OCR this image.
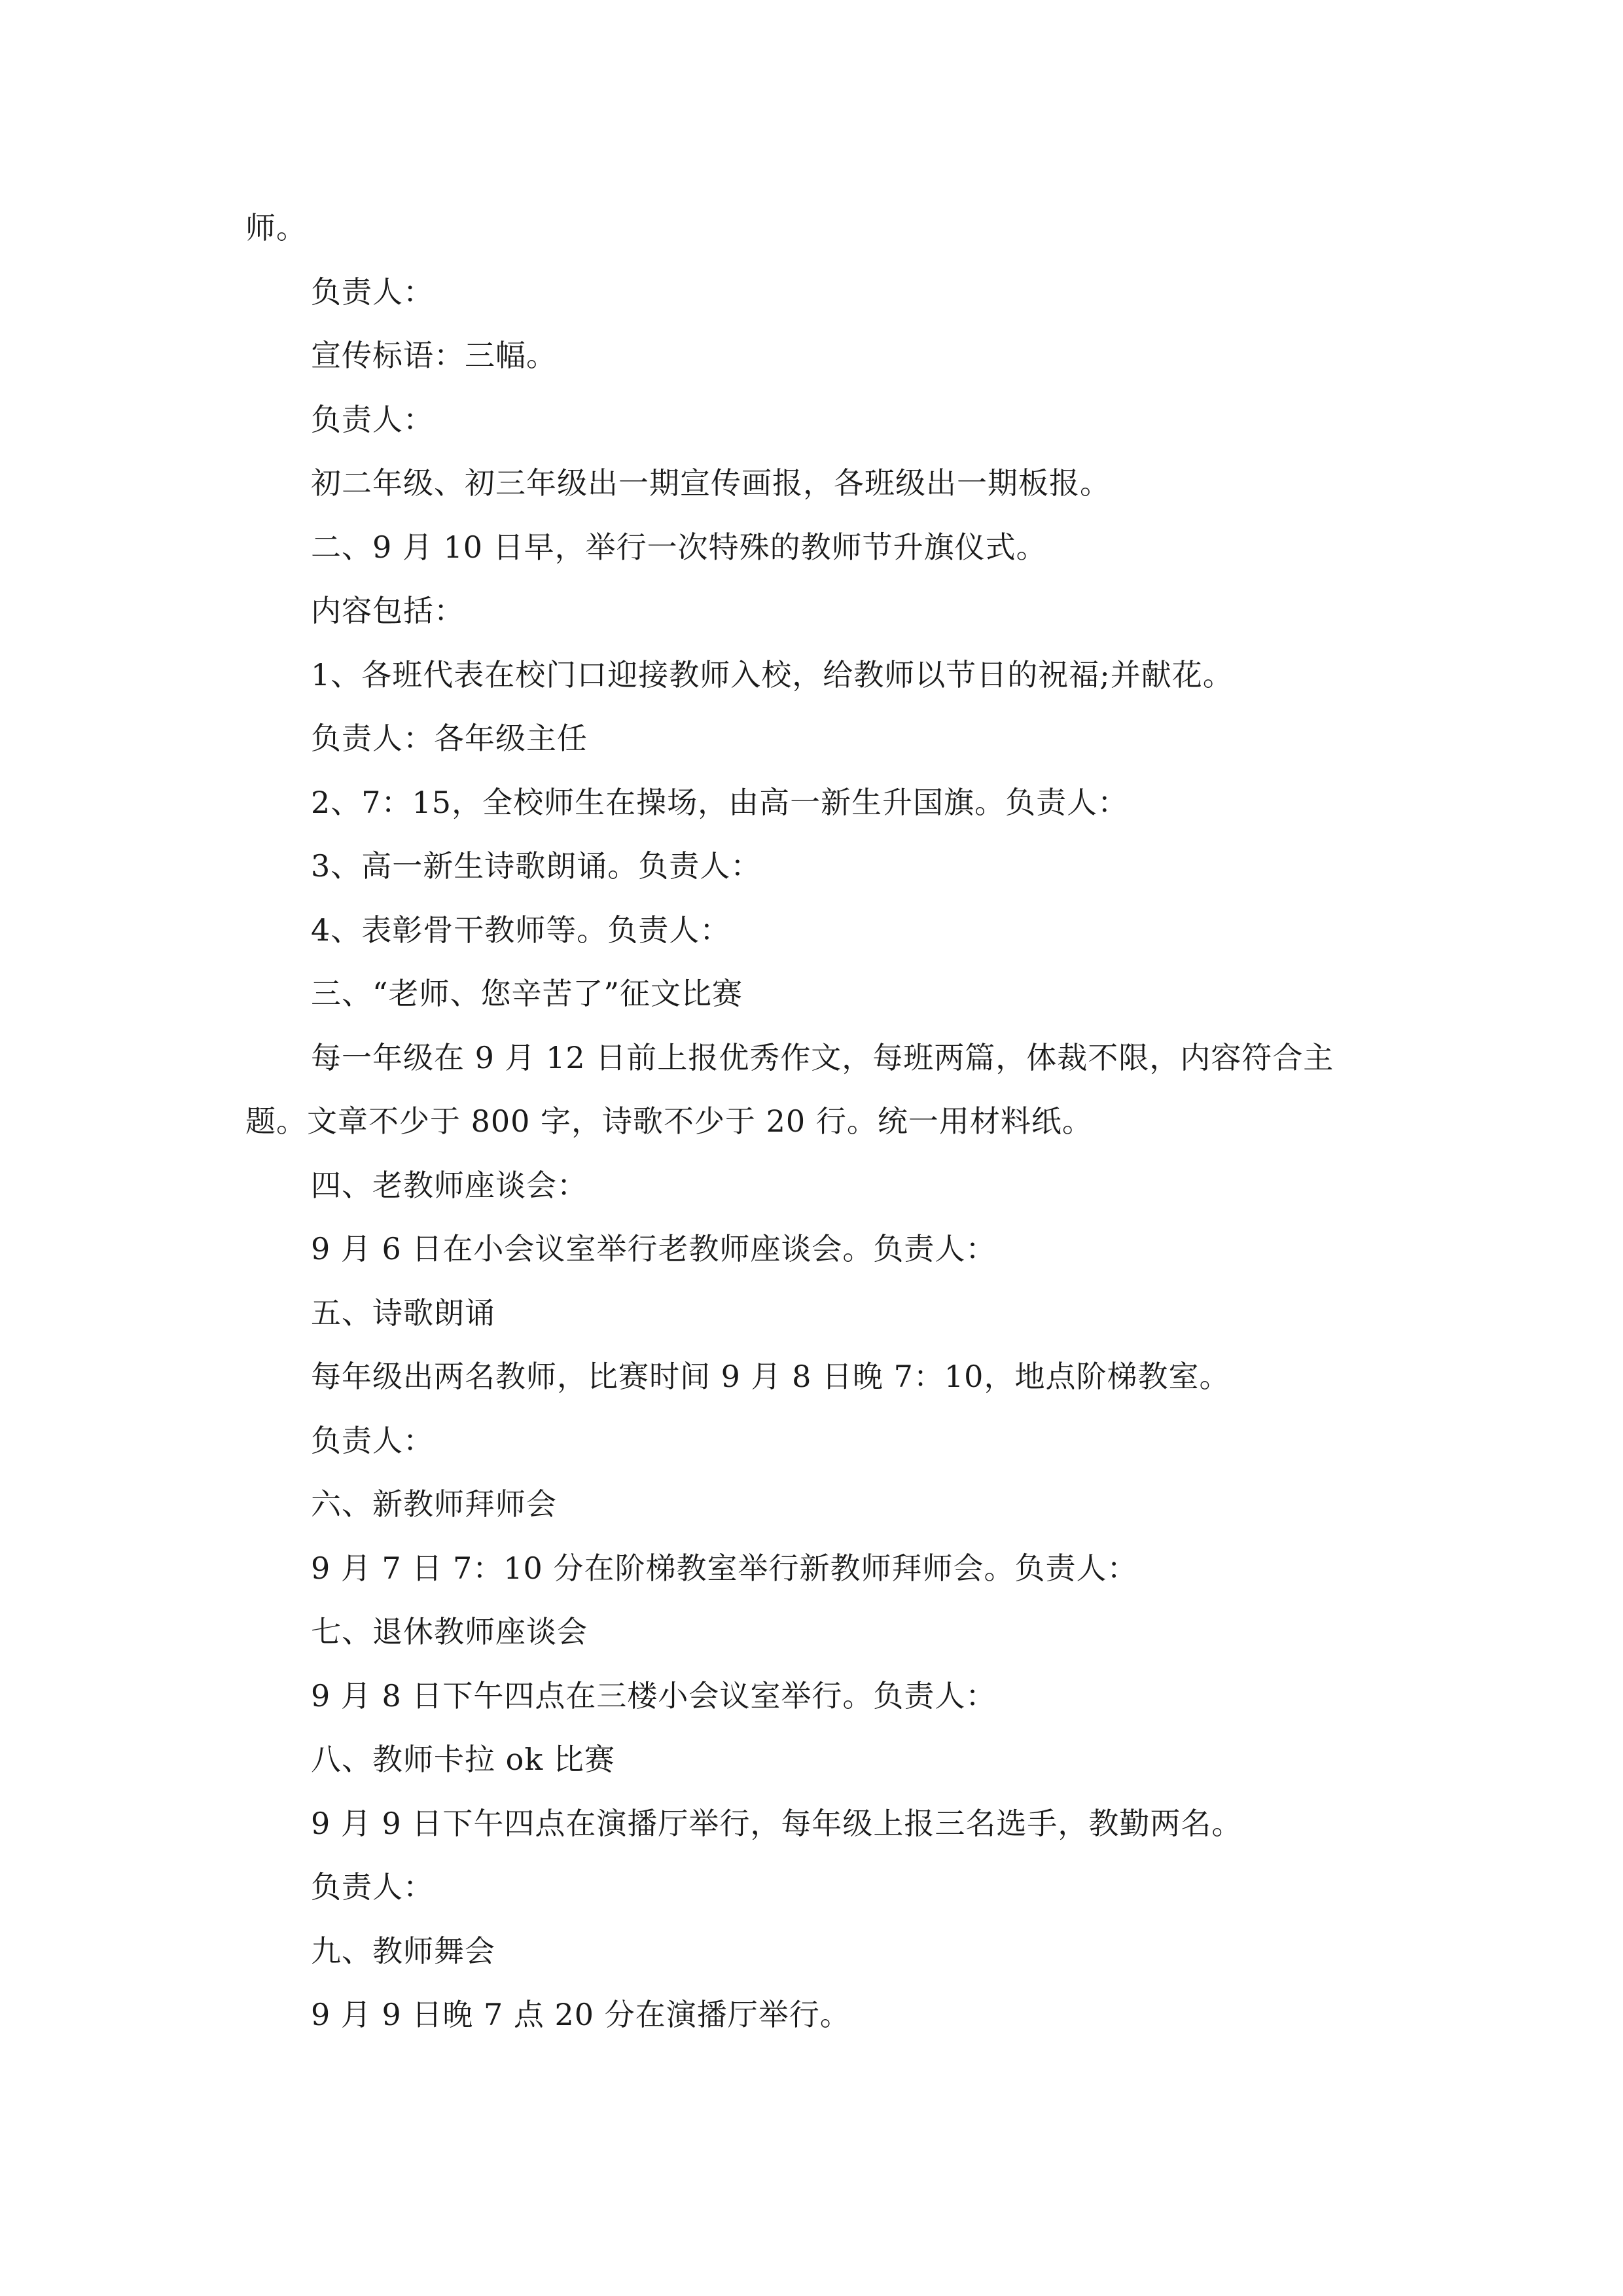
师。
负责人：
宣传标语：三幅。
负责人：
初二年级、初三年级出一期宣传画报，各班级出一期板报。
二、9 月 10 日早，举行一次特殊的教师节升旗仪式。
内容包括：
1、各班代表在校门口迎接教师入校，给教师以节日的祝福;并献花。
负责人：各年级主任
2、7：15，全校师生在操场，由高一新生升国旗。负责人：
3、高一新生诗歌朗诵。负责人：
4、表彰骨干教师等。负责人：
三、“老师、您辛苦了”征文比赛
每一年级在 9 月 12 日前上报优秀作文，每班两篇，体裁不限，内容符合主
题。文章不少于 800 字，诗歌不少于 20 行。统一用材料纸。
四、老教师座谈会：
9 月 6 日在小会议室举行老教师座谈会。负责人：
五、诗歌朗诵
每年级出两名教师，比赛时间 9 月 8 日晚 7：10，地点阶梯教室。
负责人：
六、新教师拜师会
9 月 7 日 7：10 分在阶梯教室举行新教师拜师会。负责人：
七、退休教师座谈会
9 月 8 日下午四点在三楼小会议室举行。负责人：
八、教师卡拉 ok 比赛
9 月 9 日下午四点在演播厅举行，每年级上报三名选手，教勤两名。
负责人：
九、教师舞会
9 月 9 日晚 7 点 20 分在演播厅举行。
